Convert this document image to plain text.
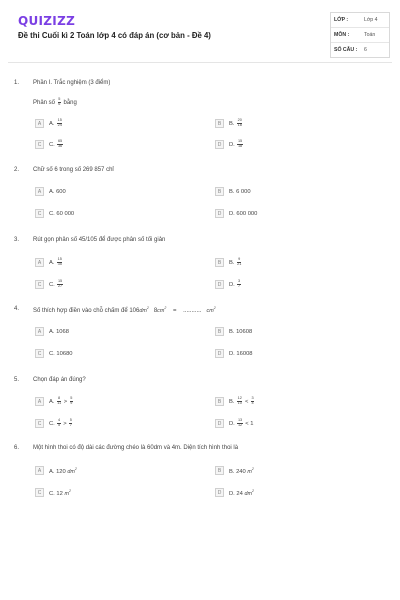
QUIZIZZ
Đề thi Cuối kì 2 Toán lớp 4 có đáp án (cơ bản - Đề 4)
LỚP :	Lớp 4
MÔN :	Toán
SỐ CÂU :	6
1. Phần I. Trắc nghiệm (3 điểm)
Phân số $\frac{5}{6}$ bằng
A	A. $\frac{15}{24}$	B	B. $\frac{20}{18}$
C	C. $\frac{65}{36}$	D	D. $\frac{15}{18}$
2. Chữ số 6 trong số 269 857 chỉ
A	A. 600	B	B. 6 000
C	C. 60 000	D	D. 600 000
3. Rút gọn phân số 45/105 để được phân số tối giản
A	A. $\frac{15}{35}$	B	B. $\frac{9}{21}$
C	C. $\frac{15}{27}$	D	D. $\frac{3}{7}$
4. Số thích hợp điền vào chỗ chấm để $106dm^2$ $8cm^2$ = ........... $cm^2$
A	A. 1068	B	B. 10608
C	C. 10680	D	D. 16008
5. Chọn đáp án đúng?
A	A. $\frac{8}{11} > \frac{5}{9}$	B	B. $\frac{12}{10} < \frac{3}{4}$
C	C. $\frac{4}{5} > \frac{5}{7}$	D	D. $\frac{13}{12} < 1$
6. Một hình thoi có độ dài các đường chéo là 60dm và 4m. Diện tích hình thoi là
A	A. 120 $dm^2$	B	B. 240 $m^2$
C	C. 12 $m^2$	D	D. 24 $dm^2$
